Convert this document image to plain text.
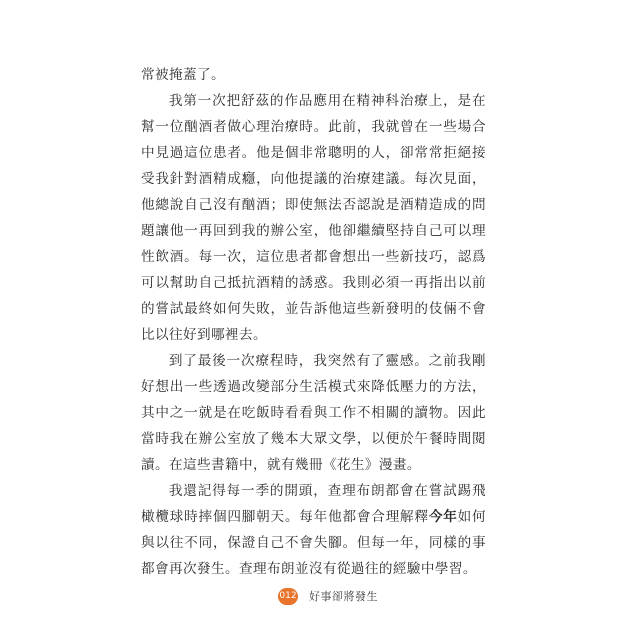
常被掩蓋了。

我第一次把舒茲的作品應用在精神科治療上，是在幫一位酗酒者做心理治療時。此前，我就曾在一些場合中見過這位患者。他是個非常聰明的人，卻常常拒絕接受我針對酒精成癮，向他提議的治療建議。每次見面，他總說自己沒有酗酒；即使無法否認說是酒精造成的問題讓他一再回到我的辦公室，他卻繼續堅持自己可以理性飲酒。每一次，這位患者都會想出一些新技巧，認爲可以幫助自己抵抗酒精的誘惑。我則必須一再指出以前的嘗試最終如何失敗，並告訴他這些新發明的伎倆不會比以往好到哪裡去。

到了最後一次療程時，我突然有了靈感。之前我剛好想出一些透過改變部分生活模式來降低壓力的方法，其中之一就是在吃飯時看看與工作不相關的讀物。因此當時我在辦公室放了幾本大眾文學，以便於午餐時間閱讀。在這些書籍中，就有幾冊《花生》漫畫。

我還記得每一季的開頭，查理布朗都會在嘗試踢飛橄欖球時摔個四腳朝天。每年他都會合理解釋今年如何與以往不同，保證自己不會失腳。但每一年，同樣的事都會再次發生。查理布朗並沒有從過往的經驗中學習。

012 好事卻將發生
